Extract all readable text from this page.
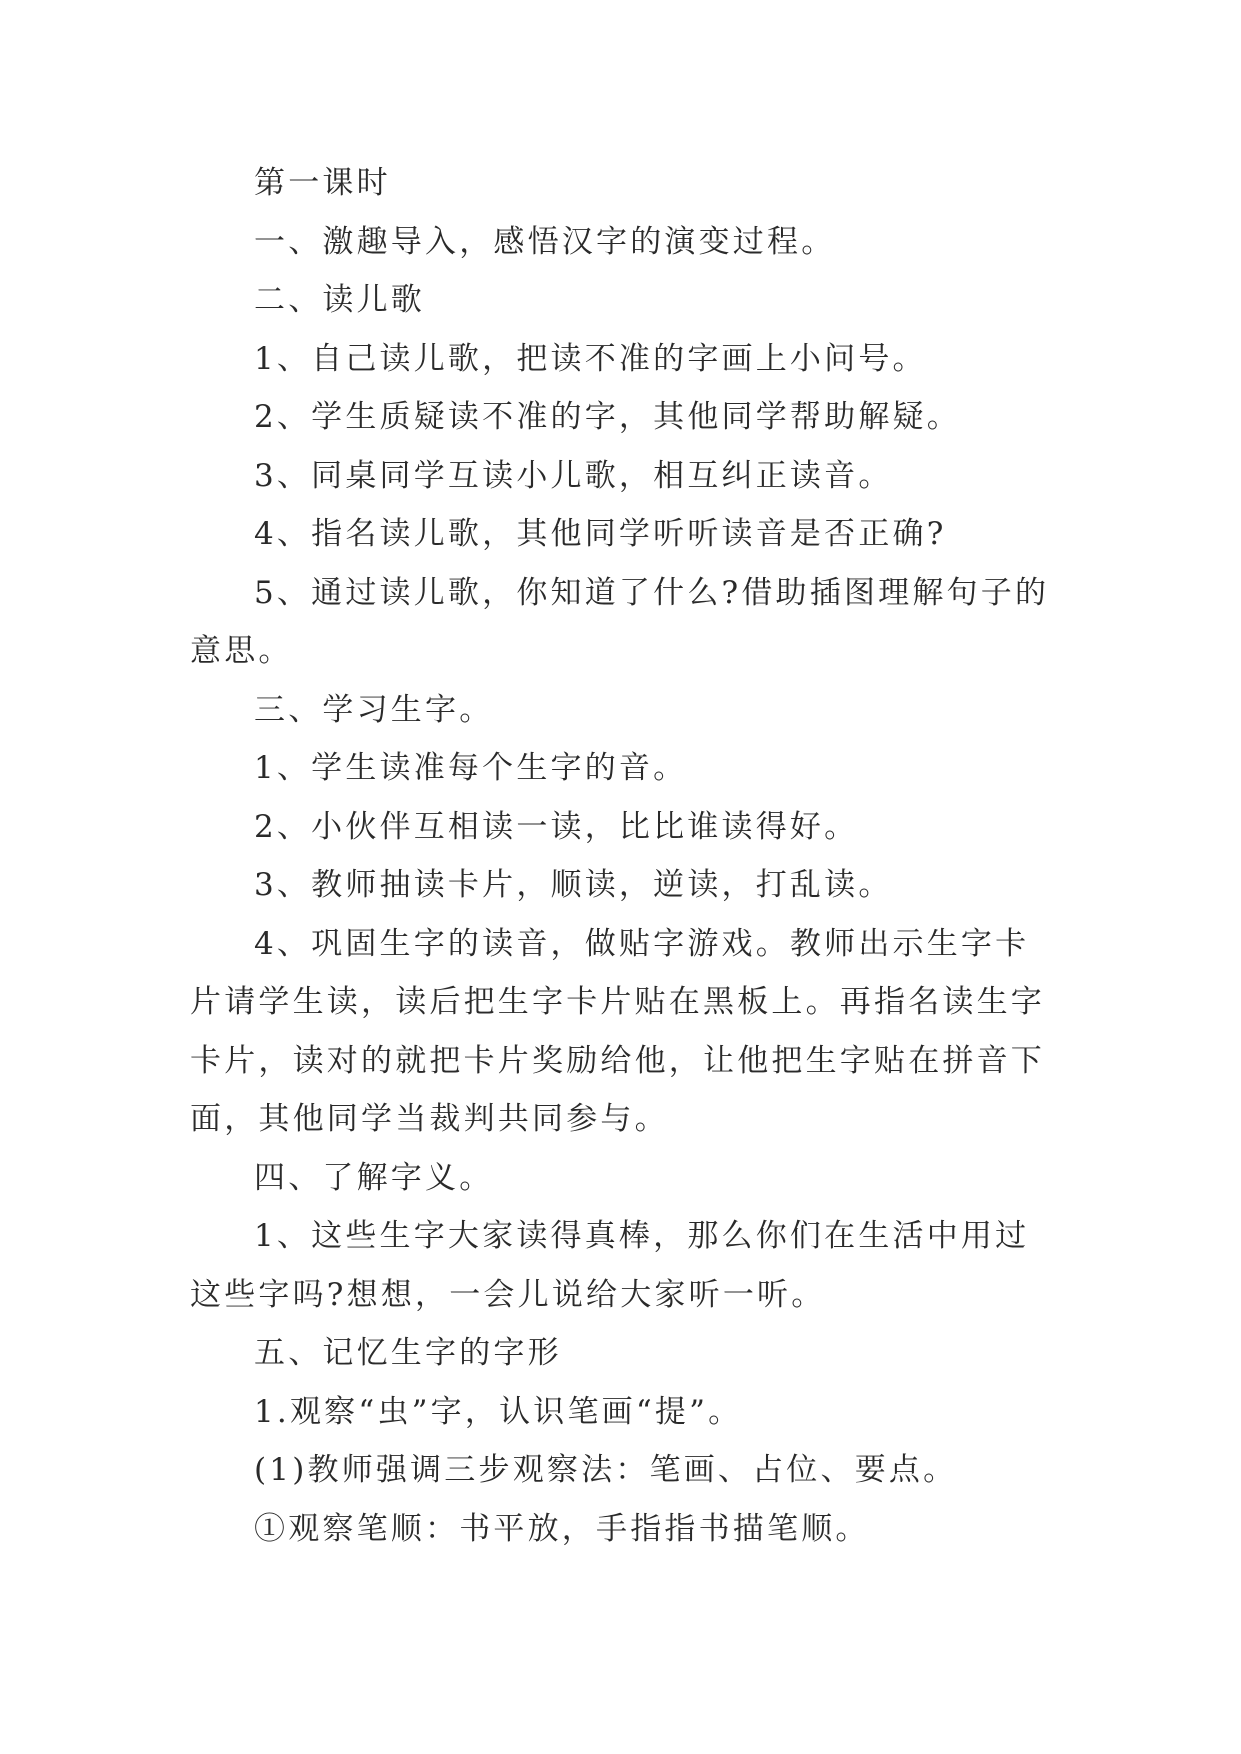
第一课时

一、激趣导入，感悟汉字的演变过程。

二、读儿歌

1、自己读儿歌，把读不准的字画上小问号。

2、学生质疑读不准的字，其他同学帮助解疑。

3、同桌同学互读小儿歌，相互纠正读音。

4、指名读儿歌，其他同学听听读音是否正确?

5、通过读儿歌，你知道了什么?借助插图理解句子的意思。

三、学习生字。

1、学生读准每个生字的音。

2、小伙伴互相读一读，比比谁读得好。

3、教师抽读卡片，顺读，逆读，打乱读。

4、巩固生字的读音，做贴字游戏。教师出示生字卡片请学生读，读后把生字卡片贴在黑板上。再指名读生字卡片，读对的就把卡片奖励给他，让他把生字贴在拼音下面，其他同学当裁判共同参与。

四、了解字义。

1、这些生字大家读得真棒，那么你们在生活中用过这些字吗?想想，一会儿说给大家听一听。

五、记忆生字的字形

1.观察“虫”字，认识笔画“提”。

(1)教师强调三步观察法：笔画、占位、要点。

①观察笔顺：书平放，手指指书描笔顺。
